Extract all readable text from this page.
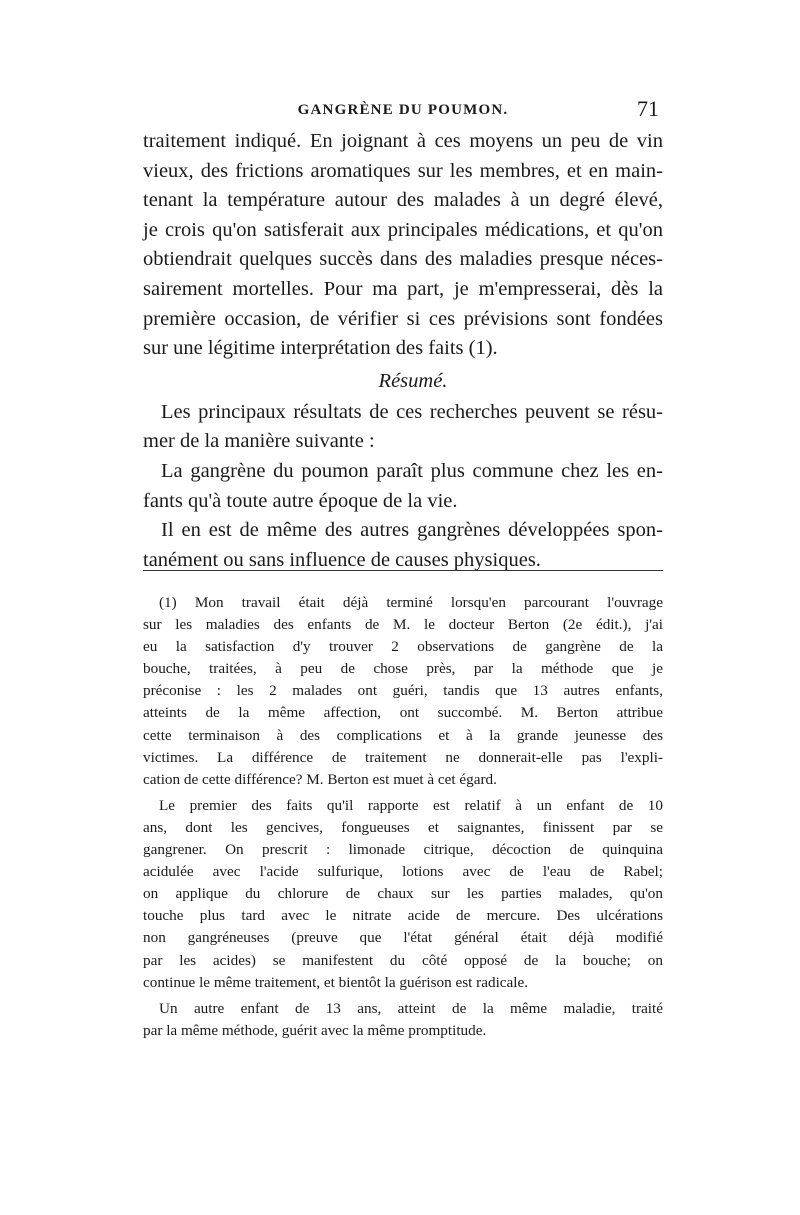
GANGRÈNE DU POUMON.	71
traitement indiqué. En joignant à ces moyens un peu de vin
vieux, des frictions aromatiques sur les membres, et en main-
tenant la température autour des malades à un degré élevé,
je crois qu'on satisferait aux principales médications, et qu'on
obtiendrait quelques succès dans des maladies presque néces-
sairement mortelles. Pour ma part, je m'empresserai, dès la
première occasion, de vérifier si ces prévisions sont fondées
sur une légitime interprétation des faits (1).
Résumé.
Les principaux résultats de ces recherches peuvent se résu-
mer de la manière suivante :
La gangrène du poumon paraît plus commune chez les en-
fants qu'à toute autre époque de la vie.
Il en est de même des autres gangrènes développées spon-
tanément ou sans influence de causes physiques.
(1) Mon travail était déjà terminé lorsqu'en parcourant l'ouvrage
sur les maladies des enfants de M. le docteur Berton (2e édit.), j'ai
eu la satisfaction d'y trouver 2 observations de gangrène de la
bouche, traitées, à peu de chose près, par la méthode que je
préconise : les 2 malades ont guéri, tandis que 13 autres enfants,
atteints de la même affection, ont succombé. M. Berton attribue
cette terminaison à des complications et à la grande jeunesse des
victimes. La différence de traitement ne donnerait-elle pas l'expli-
cation de cette différence? M. Berton est muet à cet égard.
Le premier des faits qu'il rapporte est relatif à un enfant de 10
ans, dont les gencives, fongueuses et saignantes, finissent par se
gangrener. On prescrit : limonade citrique, décoction de quinquina
acidulée avec l'acide sulfurique, lotions avec de l'eau de Rabel;
on applique du chlorure de chaux sur les parties malades, qu'on
touche plus tard avec le nitrate acide de mercure. Des ulcérations
non gangréneuses (preuve que l'état général était déjà modifié
par les acides) se manifestent du côté opposé de la bouche; on
continue le même traitement, et bientôt la guérison est radicale.
Un autre enfant de 13 ans, atteint de la même maladie, traité
par la même méthode, guérit avec la même promptitude.
